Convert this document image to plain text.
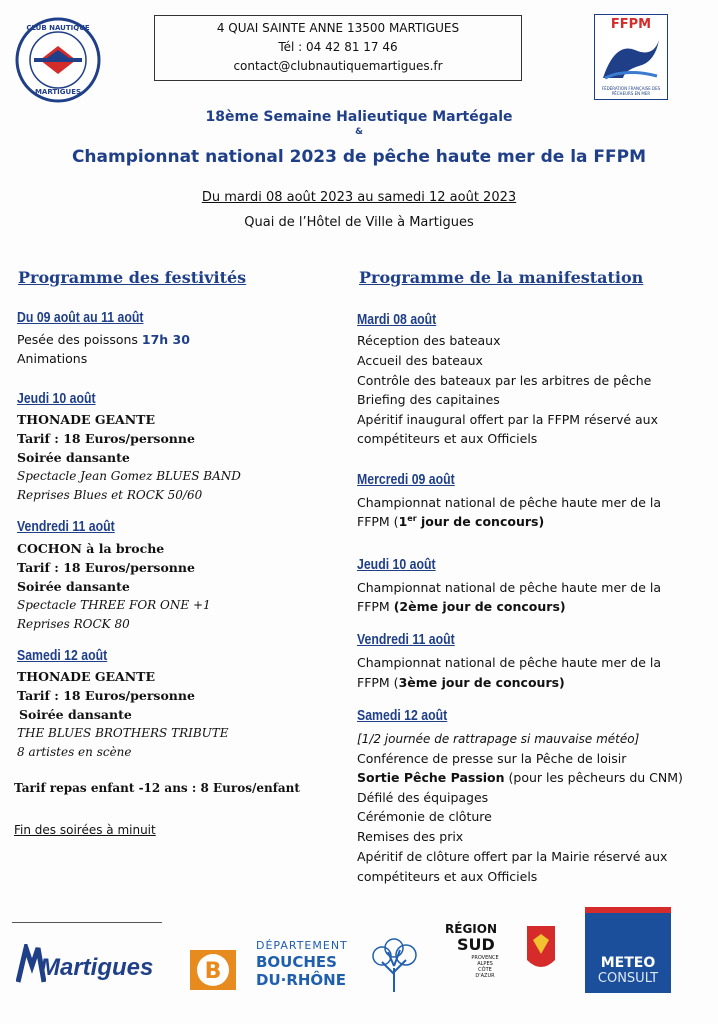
CLUB NAUTIQUE
MARTIGUES
4 QUAI SAINTE ANNE 13500 MARTIGUES
Tél : 04 42 81 17 46
contact@clubnautiquemartigues.fr
FFPM
FÉDÉRATION FRANÇAISE DES PÊCHEURS EN MER
18ème Semaine Halieutique Martégale
&
Championnat national 2023 de pêche haute mer de la FFPM
Du mardi 08 août 2023 au samedi 12 août 2023
Quai de l’Hôtel de Ville à Martigues
Programme des festivités
Du 09 août au 11 août
Pesée des poissons 17h 30
Animations
Jeudi 10 août
THONADE GEANTE
Tarif : 18 Euros/personne
Soirée dansante
Spectacle Jean Gomez BLUES BAND
Reprises Blues et ROCK 50/60
Vendredi 11 août
COCHON à la broche
Tarif : 18 Euros/personne
Soirée dansante
Spectacle THREE FOR ONE +1
Reprises ROCK 80
Samedi 12 août
THONADE GEANTE
Tarif : 18 Euros/personne
Soirée dansante
THE BLUES BROTHERS TRIBUTE
8 artistes en scène
Tarif repas enfant -12 ans : 8 Euros/enfant
Fin des soirées à minuit
Programme de la manifestation
Mardi 08 août
Réception des bateaux
Accueil des bateaux
Contrôle des bateaux par les arbitres de pêche
Briefing des capitaines
Apéritif inaugural offert par la FFPM réservé aux
compétiteurs et aux Officiels
Mercredi 09 août
Championnat national de pêche haute mer de la
FFPM (1er jour de concours)
Jeudi 10 août
Championnat national de pêche haute mer de la
FFPM (2ème jour de concours)
Vendredi 11 août
Championnat national de pêche haute mer de la
FFPM (3ème jour de concours)
Samedi 12 août
[1/2 journée de rattrapage si mauvaise météo]
Conférence de presse sur la Pêche de loisir
Sortie Pêche Passion (pour les pêcheurs du CNM)
Défilé des équipages
Cérémonie de clôture
Remises des prix
Apéritif de clôture offert par la Mairie réservé aux
compétiteurs et aux Officiels
Martigues B
DÉPARTEMENT
BOUCHES
DU·RHÔNE
RÉGION
SUD
PROVENCE
ALPES
CÔTE D'AZUR
METEO
CONSULT
